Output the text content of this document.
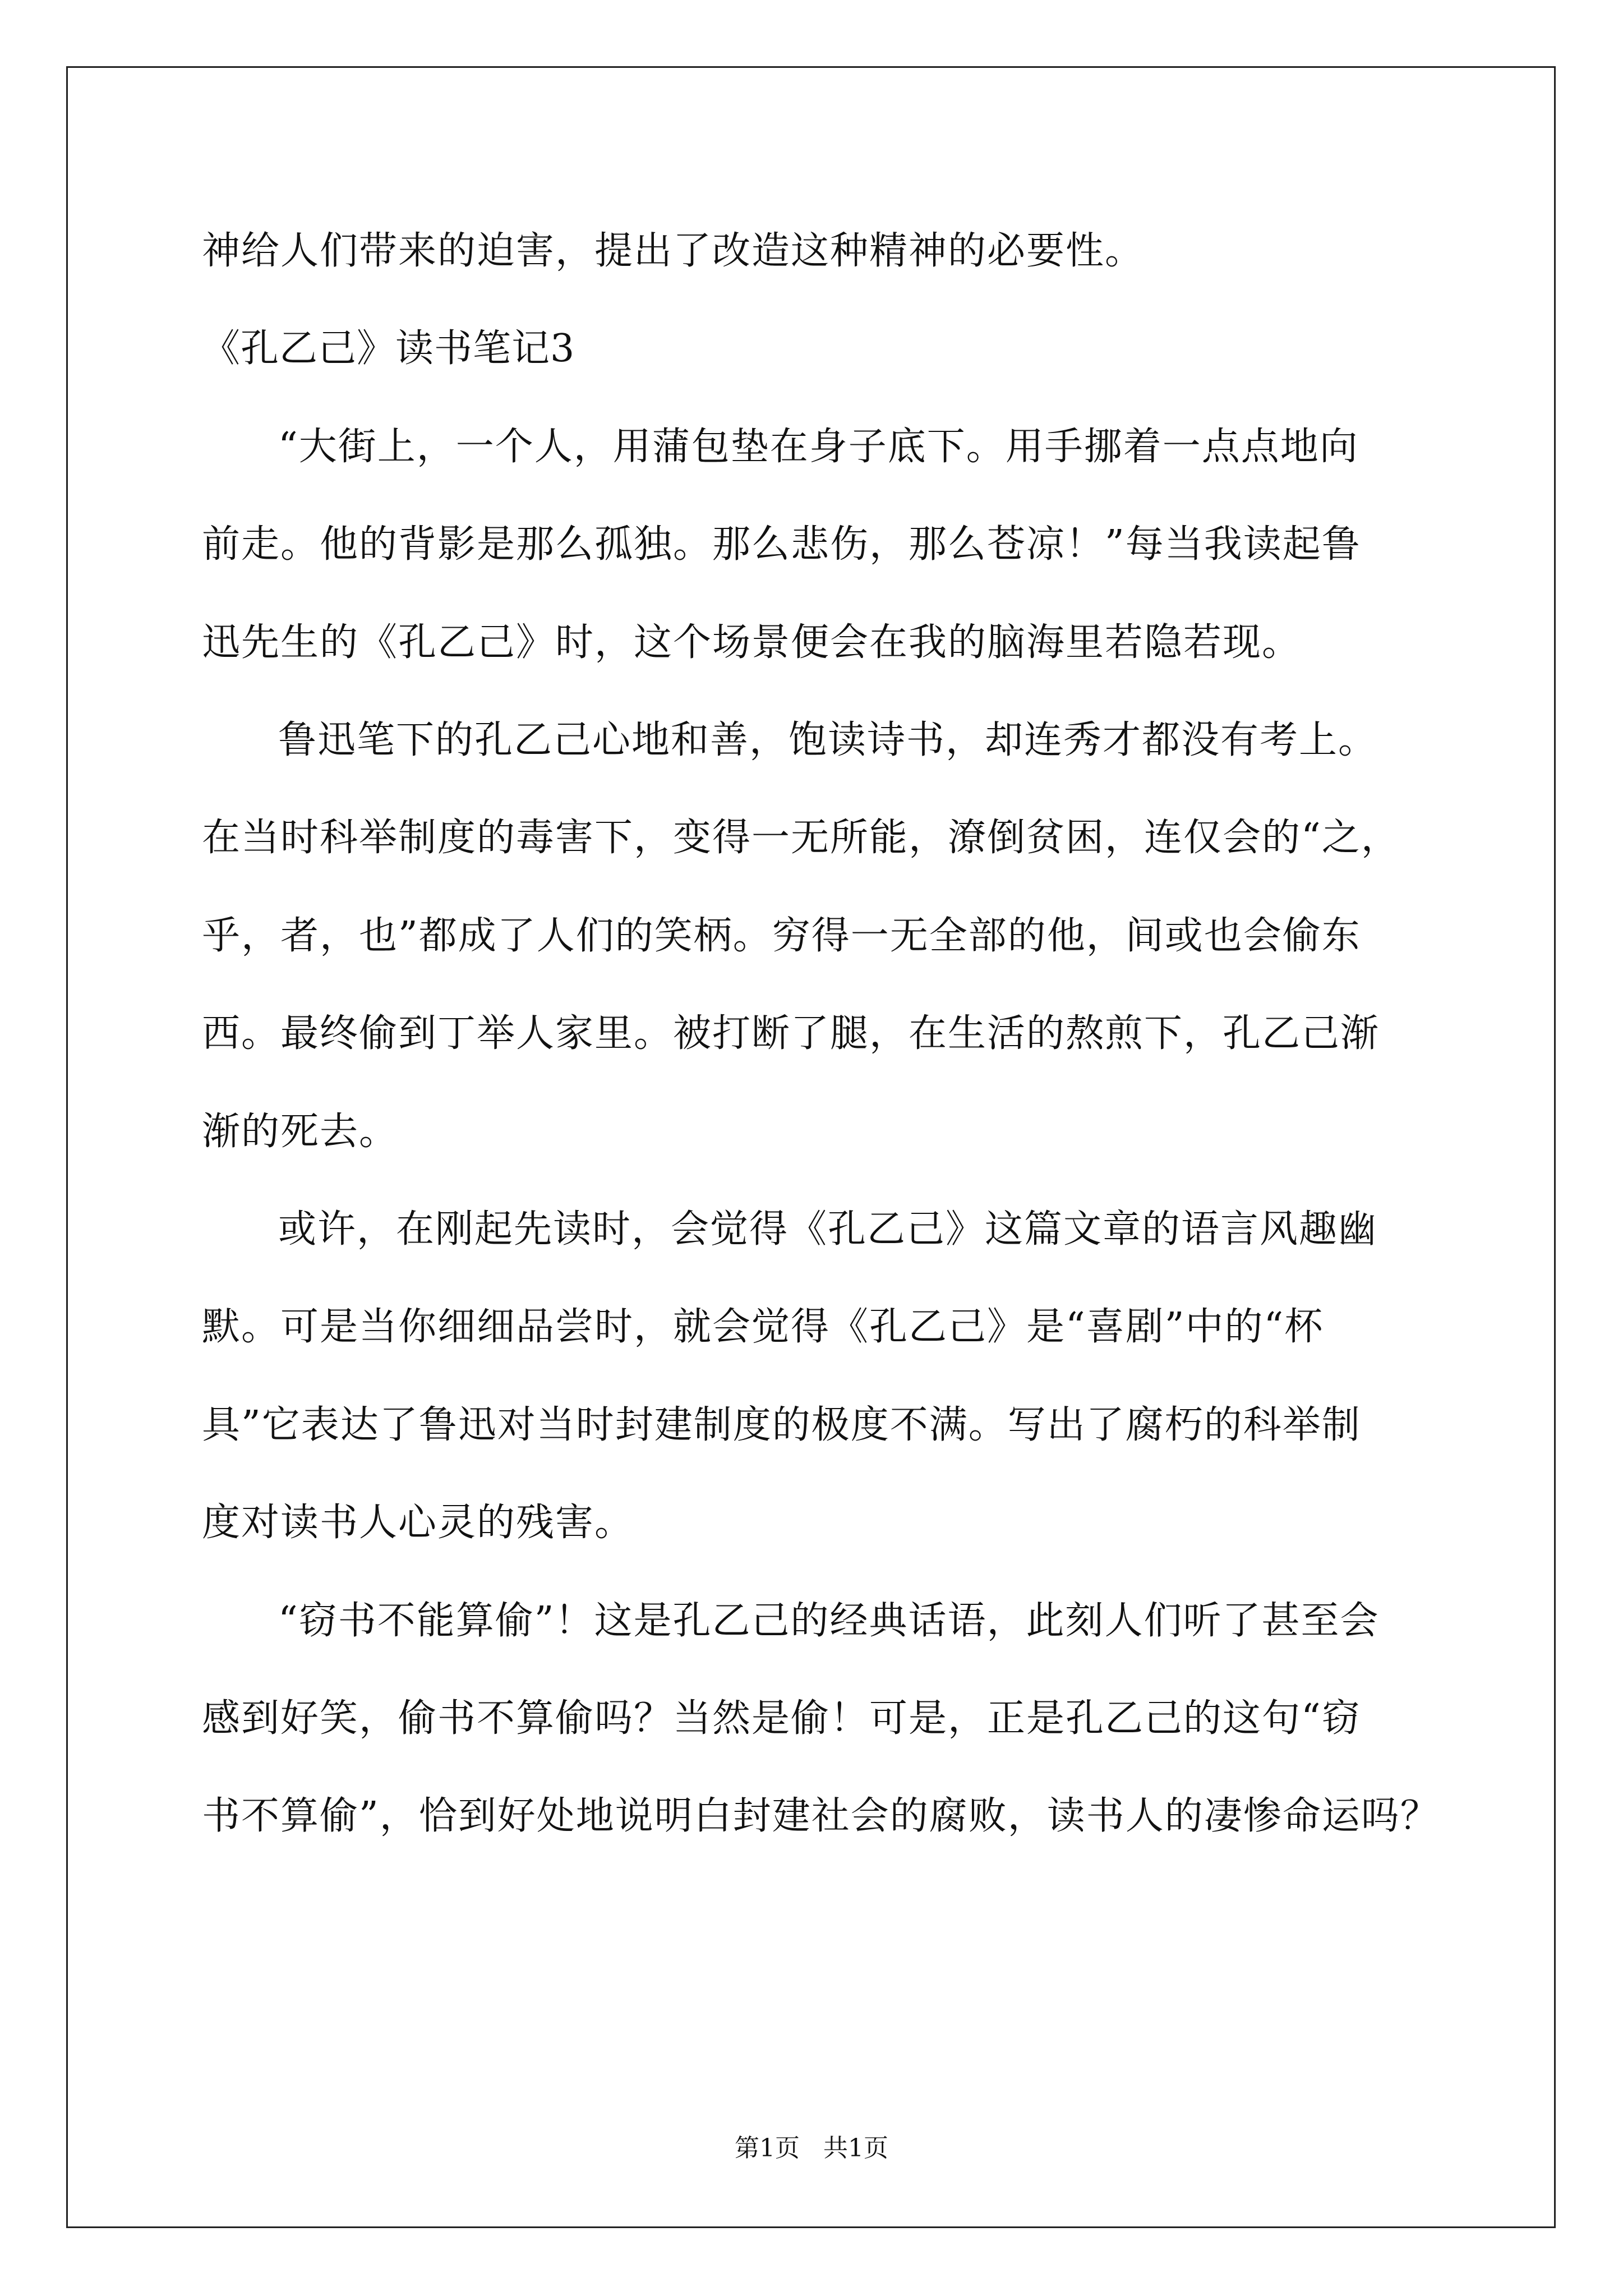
神给人们带来的迫害，提出了改造这种精神的必要性。
《孔乙己》读书笔记3
“大街上，一个人，用蒲包垫在身子底下。用手挪着一点点地向
前走。他的背影是那么孤独。那么悲伤，那么苍凉！”每当我读起鲁
迅先生的《孔乙己》时，这个场景便会在我的脑海里若隐若现。
鲁迅笔下的孔乙己心地和善，饱读诗书，却连秀才都没有考上。
在当时科举制度的毒害下，变得一无所能，潦倒贫困，连仅会的“之，
乎，者，也”都成了人们的笑柄。穷得一无全部的他，间或也会偷东
西。最终偷到丁举人家里。被打断了腿，在生活的熬煎下，孔乙己渐
渐的死去。
或许，在刚起先读时，会觉得《孔乙己》这篇文章的语言风趣幽
默。可是当你细细品尝时，就会觉得《孔乙己》是“喜剧”中的“杯
具”它表达了鲁迅对当时封建制度的极度不满。写出了腐朽的科举制
度对读书人心灵的残害。
“窃书不能算偷”！这是孔乙己的经典话语，此刻人们听了甚至会
感到好笑，偷书不算偷吗？当然是偷！可是，正是孔乙己的这句“窃
书不算偷”，恰到好处地说明白封建社会的腐败，读书人的凄惨命运吗？
第1页   共1页
